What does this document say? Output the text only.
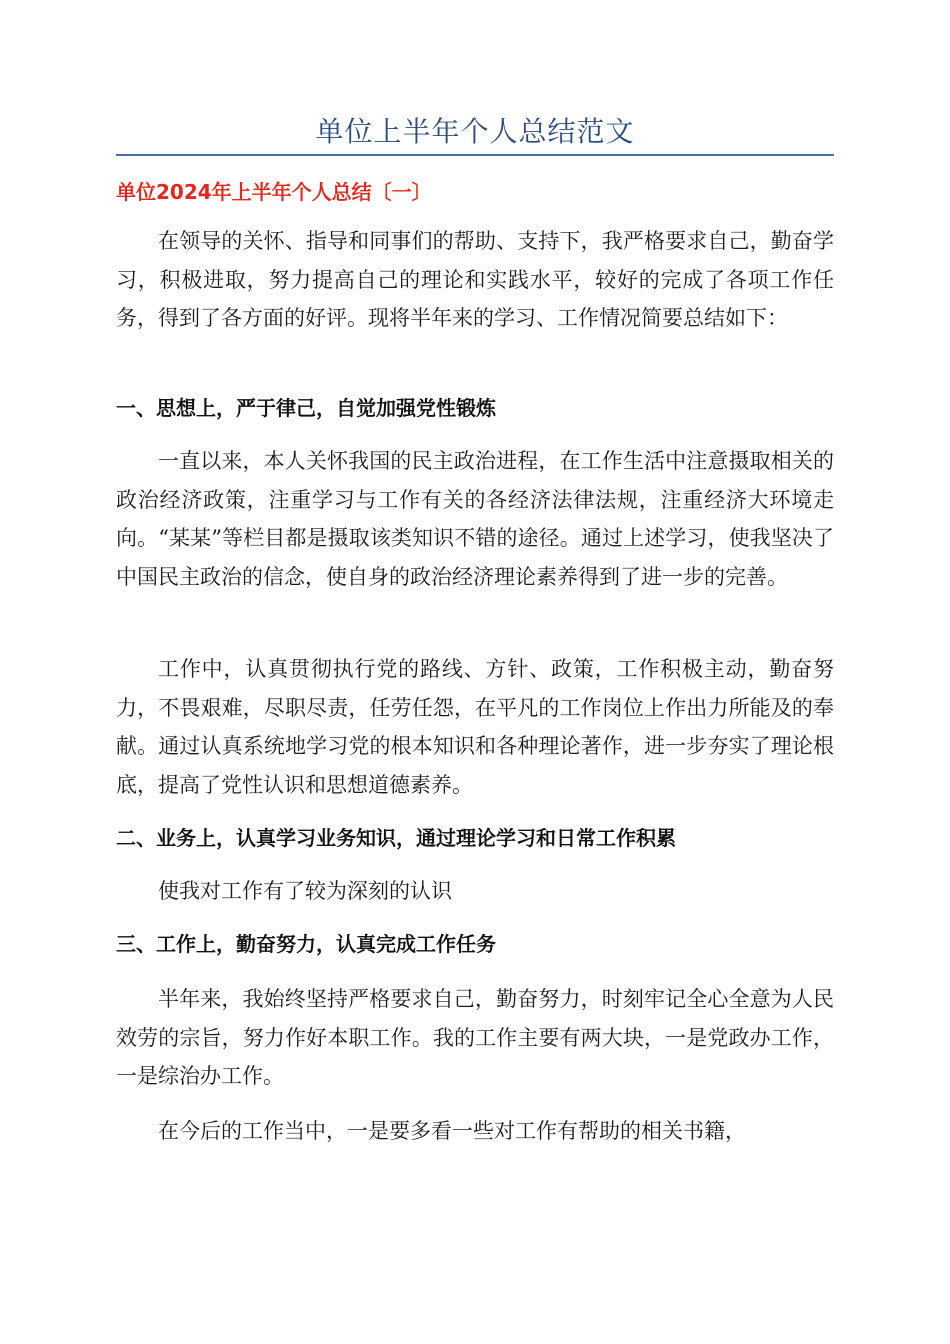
单位上半年个人总结范文
单位2024年上半年个人总结〔一〕

在领导的关怀、指导和同事们的帮助、支持下，我严格要求自己，勤奋学习，积极进取，努力提高自己的理论和实践水平，较好的完成了各项工作任务，得到了各方面的好评。现将半年来的学习、工作情况简要总结如下：

一、思想上，严于律己，自觉加强党性锻炼

一直以来，本人关怀我国的民主政治进程，在工作生活中注意摄取相关的政治经济政策，注重学习与工作有关的各经济法律法规，注重经济大环境走向。“某某”等栏目都是摄取该类知识不错的途径。通过上述学习，使我坚决了中国民主政治的信念，使自身的政治经济理论素养得到了进一步的完善。

工作中，认真贯彻执行党的路线、方针、政策，工作积极主动，勤奋努力，不畏艰难，尽职尽责，任劳任怨，在平凡的工作岗位上作出力所能及的奉献。通过认真系统地学习党的根本知识和各种理论著作，进一步夯实了理论根底，提高了党性认识和思想道德素养。

二、业务上，认真学习业务知识，通过理论学习和日常工作积累

使我对工作有了较为深刻的认识

三、工作上，勤奋努力，认真完成工作任务

半年来，我始终坚持严格要求自己，勤奋努力，时刻牢记全心全意为人民效劳的宗旨，努力作好本职工作。我的工作主要有两大块，一是党政办工作，一是综治办工作。

在今后的工作当中，一是要多看一些对工作有帮助的相关书籍，
